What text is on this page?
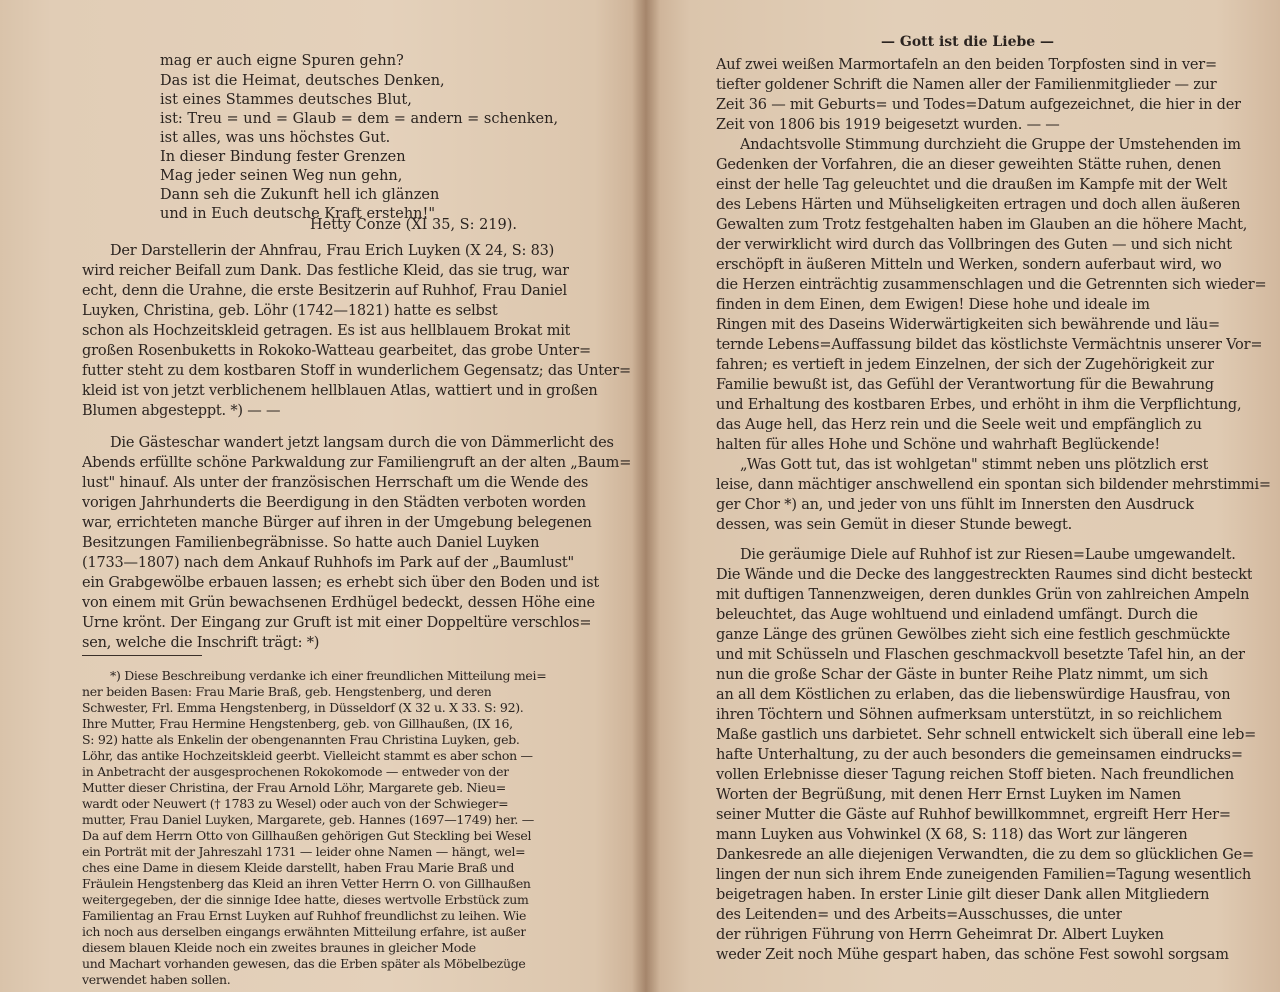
mag er auch eigne Spuren gehn?
Das ist die Heimat, deutsches Denken,
ist eines Stammes deutsches Blut,
ist: Treu = und = Glaub = dem = andern = schenken,
ist alles, was uns höchstes Gut.
In dieser Bindung fester Grenzen
Mag jeder seinen Weg nun gehn,
Dann seh die Zukunft hell ich glänzen
und in Euch deutsche Kraft erstehn!"
Hetty Conze (XI 35, S: 219).
Der Darstellerin der Ahnfrau, Frau Erich Luyken (X 24, S: 83)
wird reicher Beifall zum Dank. Das festliche Kleid, das sie trug, war
echt, denn die Urahne, die erste Besitzerin auf Ruhhof, Frau Daniel
Luyken, Christina, geb. Löhr (1742—1821) hatte es selbst
schon als Hochzeitskleid getragen. Es ist aus hellblauem Brokat mit
großen Rosenbuketts in Rokoko-Watteau gearbeitet, das grobe Unter=
futter steht zu dem kostbaren Stoff in wunderlichem Gegensatz; das Unter=
kleid ist von jetzt verblichenem hellblauen Atlas, wattiert und in großen
Blumen abgesteppt. *) — —
Die Gästeschar wandert jetzt langsam durch die von Dämmerlicht des
Abends erfüllte schöne Parkwaldung zur Familiengruft an der alten „Baum=
lust" hinauf. Als unter der französischen Herrschaft um die Wende des
vorigen Jahrhunderts die Beerdigung in den Städten verboten worden
war, errichteten manche Bürger auf ihren in der Umgebung belegenen
Besitzungen Familienbegräbnisse. So hatte auch Daniel Luyken
(1733—1807) nach dem Ankauf Ruhhofs im Park auf der „Baumlust"
ein Grabgewölbe erbauen lassen; es erhebt sich über den Boden und ist
von einem mit Grün bewachsenen Erdhügel bedeckt, dessen Höhe eine
Urne krönt. Der Eingang zur Gruft ist mit einer Doppeltüre verschlos=
sen, welche die Inschrift trägt: *)
*) Diese Beschreibung verdanke ich einer freundlichen Mitteilung mei=
ner beiden Basen: Frau Marie Braß, geb. Hengstenberg, und deren
Schwester, Frl. Emma Hengstenberg, in Düsseldorf (X 32 u. X 33. S: 92).
Ihre Mutter, Frau Hermine Hengstenberg, geb. von Gillhaußen, (IX 16,
S: 92) hatte als Enkelin der obengenannten Frau Christina Luyken, geb.
Löhr, das antike Hochzeitskleid geerbt. Vielleicht stammt es aber schon —
in Anbetracht der ausgesprochenen Rokokomode — entweder von der
Mutter dieser Christina, der Frau Arnold Löhr, Margarete geb. Nieu=
wardt oder Neuwert († 1783 zu Wesel) oder auch von der Schwieger=
mutter, Frau Daniel Luyken, Margarete, geb. Hannes (1697—1749) her. —
Da auf dem Herrn Otto von Gillhaußen gehörigen Gut Steckling bei Wesel
ein Porträt mit der Jahreszahl 1731 — leider ohne Namen — hängt, wel=
ches eine Dame in diesem Kleide darstellt, haben Frau Marie Braß und
Fräulein Hengstenberg das Kleid an ihren Vetter Herrn O. von Gillhaußen
weitergegeben, der die sinnige Idee hatte, dieses wertvolle Erbstück zum
Familientag an Frau Ernst Luyken auf Ruhhof freundlichst zu leihen. Wie
ich noch aus derselben eingangs erwähnten Mitteilung erfahre, ist außer
diesem blauen Kleide noch ein zweites braunes in gleicher Mode
und Machart vorhanden gewesen, das die Erben später als Möbelbezüge
verwendet haben sollen.
— Gott ist die Liebe —
Auf zwei weißen Marmortafeln an den beiden Torpfosten sind in ver=
tiefter goldener Schrift die Namen aller der Familienmitglieder — zur
Zeit 36 — mit Geburts= und Todes=Datum aufgezeichnet, die hier in der
Zeit von 1806 bis 1919 beigesetzt wurden. — —
Andachtsvolle Stimmung durchzieht die Gruppe der Umstehenden im
Gedenken der Vorfahren, die an dieser geweihten Stätte ruhen, denen
einst der helle Tag geleuchtet und die draußen im Kampfe mit der Welt
des Lebens Härten und Mühseligkeiten ertragen und doch allen äußeren
Gewalten zum Trotz festgehalten haben im Glauben an die höhere Macht,
der verwirklicht wird durch das Vollbringen des Guten — und sich nicht
erschöpft in äußeren Mitteln und Werken, sondern auferbaut wird, wo
die Herzen einträchtig zusammenschlagen und die Getrennten sich wieder=
finden in dem Einen, dem Ewigen! Diese hohe und ideale im
Ringen mit des Daseins Widerwärtigkeiten sich bewährende und läu=
ternde Lebens=Auffassung bildet das köstlichste Vermächtnis unserer Vor=
fahren; es vertieft in jedem Einzelnen, der sich der Zugehörigkeit zur
Familie bewußt ist, das Gefühl der Verantwortung für die Bewahrung
und Erhaltung des kostbaren Erbes, und erhöht in ihm die Verpflichtung,
das Auge hell, das Herz rein und die Seele weit und empfänglich zu
halten für alles Hohe und Schöne und wahrhaft Beglückende!
„Was Gott tut, das ist wohlgetan" stimmt neben uns plötzlich erst
leise, dann mächtiger anschwellend ein spontan sich bildender mehrstimmi=
ger Chor *) an, und jeder von uns fühlt im Innersten den Ausdruck
dessen, was sein Gemüt in dieser Stunde bewegt.
Die geräumige Diele auf Ruhhof ist zur Riesen=Laube umgewandelt.
Die Wände und die Decke des langgestreckten Raumes sind dicht besteckt
mit duftigen Tannenzweigen, deren dunkles Grün von zahlreichen Ampeln
beleuchtet, das Auge wohltuend und einladend umfängt. Durch die
ganze Länge des grünen Gewölbes zieht sich eine festlich geschmückte
und mit Schüsseln und Flaschen geschmackvoll besetzte Tafel hin, an der
nun die große Schar der Gäste in bunter Reihe Platz nimmt, um sich
an all dem Köstlichen zu erlaben, das die liebenswürdige Hausfrau, von
ihren Töchtern und Söhnen aufmerksam unterstützt, in so reichlichem
Maße gastlich uns darbietet. Sehr schnell entwickelt sich überall eine leb=
hafte Unterhaltung, zu der auch besonders die gemeinsamen eindrucks=
vollen Erlebnisse dieser Tagung reichen Stoff bieten. Nach freundlichen
Worten der Begrüßung, mit denen Herr Ernst Luyken im Namen
seiner Mutter die Gäste auf Ruhhof bewillkommnet, ergreift Herr Her=
mann Luyken aus Vohwinkel (X 68, S: 118) das Wort zur längeren
Dankesrede an alle diejenigen Verwandten, die zu dem so glücklichen Ge=
lingen der nun sich ihrem Ende zuneigenden Familien=Tagung wesentlich
beigetragen haben. In erster Linie gilt dieser Dank allen Mitgliedern
des Leitenden= und des Arbeits=Ausschusses, die unter
der rührigen Führung von Herrn Geheimrat Dr. Albert Luyken
weder Zeit noch Mühe gespart haben, das schöne Fest sowohl sorgsam
